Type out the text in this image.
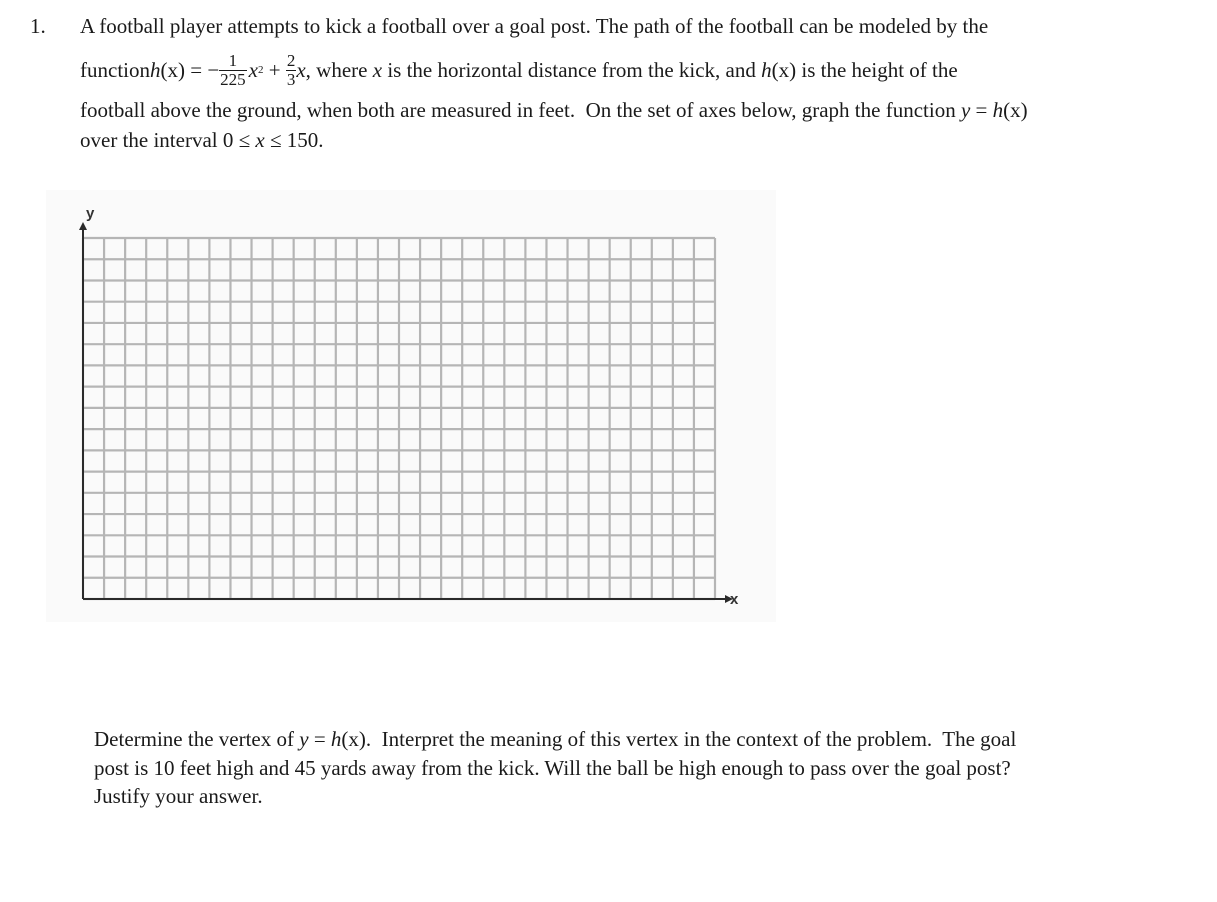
1. A football player attempts to kick a football over a goal post. The path of the football can be modeled by the
function h (x) = − $\frac{1}{225}$ x $2 + \frac{2}{3}$ x , where x is the horizontal distance from the kick, and h (x) is the height of the
football above the ground, when both are measured in feet.  On the set of axes below, graph the function y = h(x)
over the interval 0 ≤ x ≤ 150.
y
x
Determine the vertex of y = h(x).  Interpret the meaning of this vertex in the context of the problem.  The goal
post is 10 feet high and 45 yards away from the kick. Will the ball be high enough to pass over the goal post?
Justify your answer.
